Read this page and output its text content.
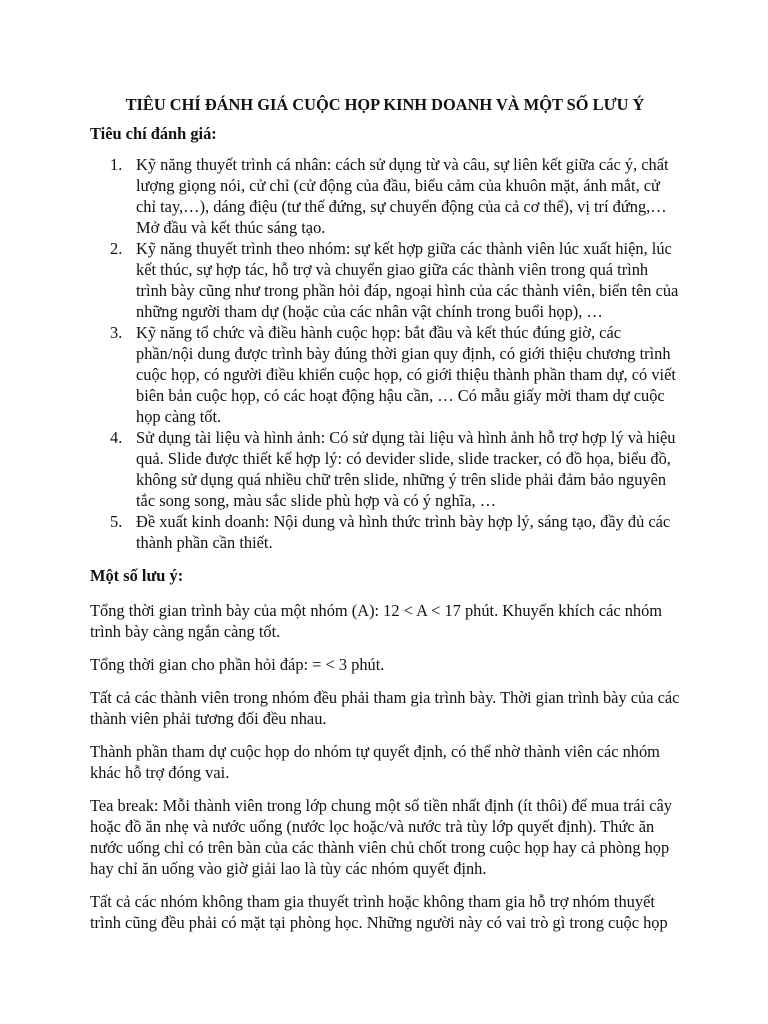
TIÊU CHÍ ĐÁNH GIÁ CUỘC HỌP KINH DOANH VÀ MỘT SỐ LƯU Ý
Tiêu chí đánh giá:
1. Kỹ năng thuyết trình cá nhân: cách sử dụng từ và câu, sự liên kết giữa các ý, chất lượng giọng nói, cử chỉ (cử động của đầu, biểu cảm của khuôn mặt, ánh mắt, cử chỉ tay,…), dáng điệu (tư thế đứng, sự chuyển động của cả cơ thể), vị trí đứng,… Mở đầu và kết thúc sáng tạo.
2. Kỹ năng thuyết trình theo nhóm: sự kết hợp giữa các thành viên lúc xuất hiện, lúc kết thúc, sự hợp tác, hỗ trợ và chuyển giao giữa các thành viên trong quá trình trình bày cũng như trong phần hỏi đáp, ngoại hình của các thành viên, biển tên của những người tham dự (hoặc của các nhân vật chính trong buổi họp), …
3. Kỹ năng tổ chức và điều hành cuộc họp: bắt đầu và kết thúc đúng giờ, các phần/nội dung được trình bày đúng thời gian quy định, có giới thiệu chương trình cuộc họp, có người điều khiển cuộc họp, có giới thiệu thành phần tham dự, có viết biên bản cuộc họp, có các hoạt động hậu cần, … Có mẫu giấy mời tham dự cuộc họp càng tốt.
4. Sử dụng tài liệu và hình ảnh: Có sử dụng tài liệu và hình ảnh hỗ trợ hợp lý và hiệu quả. Slide được thiết kế hợp lý: có devider slide, slide tracker, có đồ họa, biểu đồ, không sử dụng quá nhiều chữ trên slide, những ý trên slide phải đảm bảo nguyên tắc song song, màu sắc slide phù hợp và có ý nghĩa, …
5. Đề xuất kinh doanh: Nội dung và hình thức trình bày hợp lý, sáng tạo, đầy đủ các thành phần cần thiết.
Một số lưu ý:

Tổng thời gian trình bày của một nhóm (A): 12 < A < 17 phút. Khuyến khích các nhóm trình bày càng ngắn càng tốt.

Tổng thời gian cho phần hỏi đáp: = < 3 phút.

Tất cả các thành viên trong nhóm đều phải tham gia trình bày. Thời gian trình bày của các thành viên phải tương đối đều nhau.

Thành phần tham dự cuộc họp do nhóm tự quyết định, có thể nhờ thành viên các nhóm khác hỗ trợ đóng vai.

Tea break: Mỗi thành viên trong lớp chung một số tiền nhất định (ít thôi) để mua trái cây hoặc đồ ăn nhẹ và nước uống (nước lọc hoặc/và nước trà tùy lớp quyết định). Thức ăn nước uống chỉ có trên bàn của các thành viên chủ chốt trong cuộc họp hay cả phòng họp hay chỉ ăn uống vào giờ giải lao là tùy các nhóm quyết định.

Tất cả các nhóm không tham gia thuyết trình hoặc không tham gia hỗ trợ nhóm thuyết trình cũng đều phải có mặt tại phòng học. Những người này có vai trò gì trong cuộc họp
